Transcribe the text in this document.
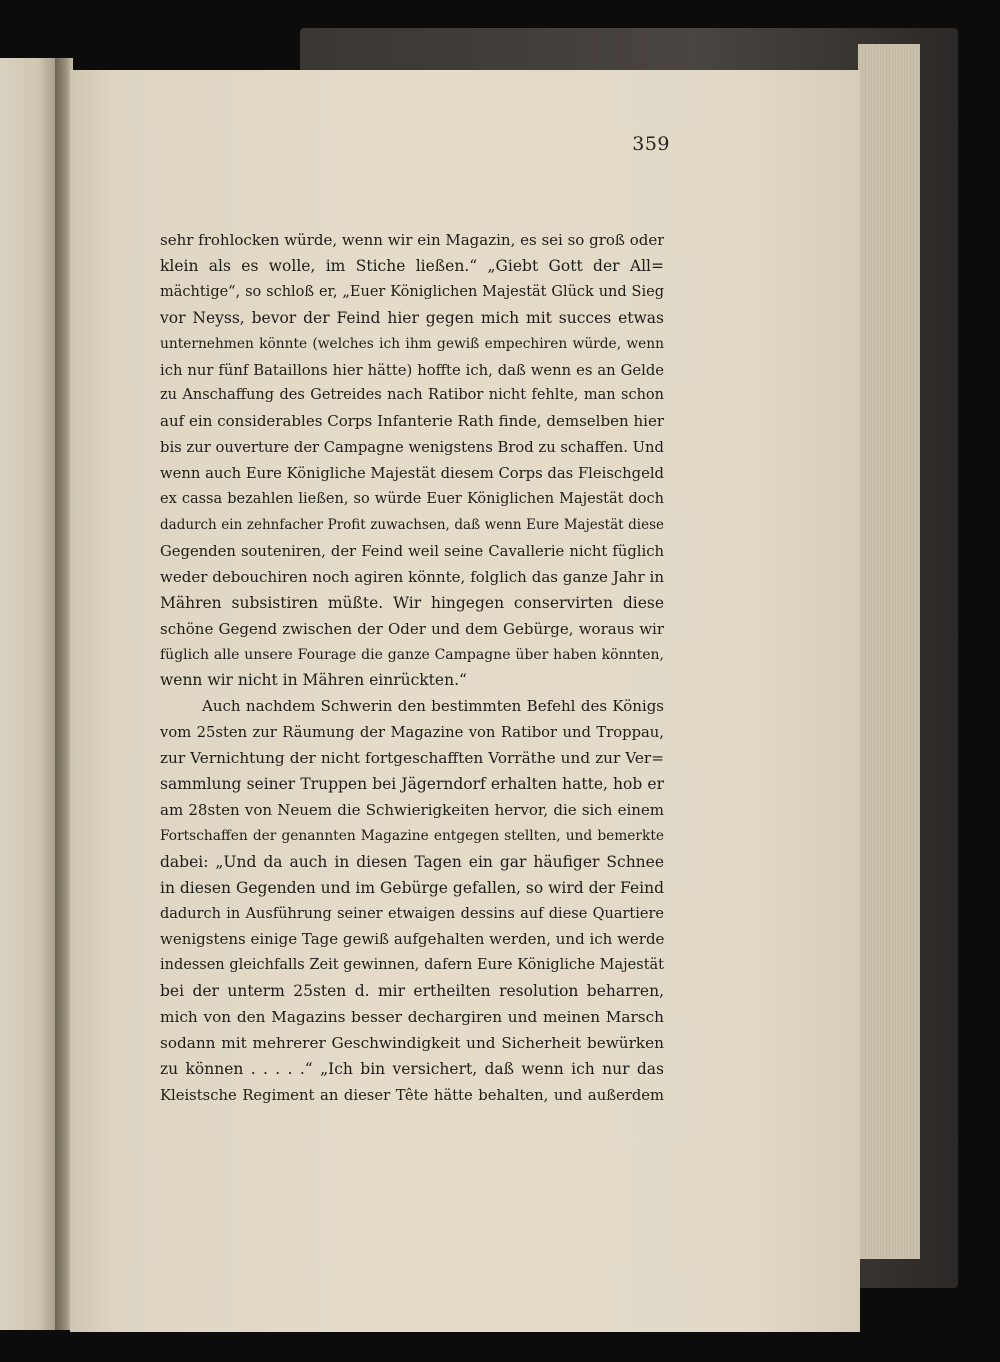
359
sehr frohlocken würde, wenn wir ein Magazin, es sei so groß oder
klein als es wolle, im Stiche ließen.“ „Giebt Gott der All=
mächtige“, so schloß er, „Euer Königlichen Majestät Glück und Sieg
vor Neyss, bevor der Feind hier gegen mich mit succes etwas
unternehmen könnte (welches ich ihm gewiß empechiren würde, wenn
ich nur fünf Bataillons hier hätte) hoffte ich, daß wenn es an Gelde
zu Anschaffung des Getreides nach Ratibor nicht fehlte, man schon
auf ein considerables Corps Infanterie Rath finde, demselben hier
bis zur ouverture der Campagne wenigstens Brod zu schaffen. Und
wenn auch Eure Königliche Majestät diesem Corps das Fleischgeld
ex cassa bezahlen ließen, so würde Euer Königlichen Majestät doch
dadurch ein zehnfacher Profit zuwachsen, daß wenn Eure Majestät diese
Gegenden souteniren, der Feind weil seine Cavallerie nicht füglich
weder debouchiren noch agiren könnte, folglich das ganze Jahr in
Mähren subsistiren müßte. Wir hingegen conservirten diese
schöne Gegend zwischen der Oder und dem Gebürge, woraus wir
füglich alle unsere Fourage die ganze Campagne über haben könnten,
wenn wir nicht in Mähren einrückten.“
Auch nachdem Schwerin den bestimmten Befehl des Königs
vom 25sten zur Räumung der Magazine von Ratibor und Troppau,
zur Vernichtung der nicht fortgeschafften Vorräthe und zur Ver=
sammlung seiner Truppen bei Jägerndorf erhalten hatte, hob er
am 28sten von Neuem die Schwierigkeiten hervor, die sich einem
Fortschaffen der genannten Magazine entgegen stellten, und bemerkte
dabei: „Und da auch in diesen Tagen ein gar häufiger Schnee
in diesen Gegenden und im Gebürge gefallen, so wird der Feind
dadurch in Ausführung seiner etwaigen dessins auf diese Quartiere
wenigstens einige Tage gewiß aufgehalten werden, und ich werde
indessen gleichfalls Zeit gewinnen, dafern Eure Königliche Majestät
bei der unterm 25sten d. mir ertheilten resolution beharren,
mich von den Magazins besser dechargiren und meinen Marsch
sodann mit mehrerer Geschwindigkeit und Sicherheit bewürken
zu können . . . . .“ „Ich bin versichert, daß wenn ich nur das
Kleistsche Regiment an dieser Tête hätte behalten, und außerdem
